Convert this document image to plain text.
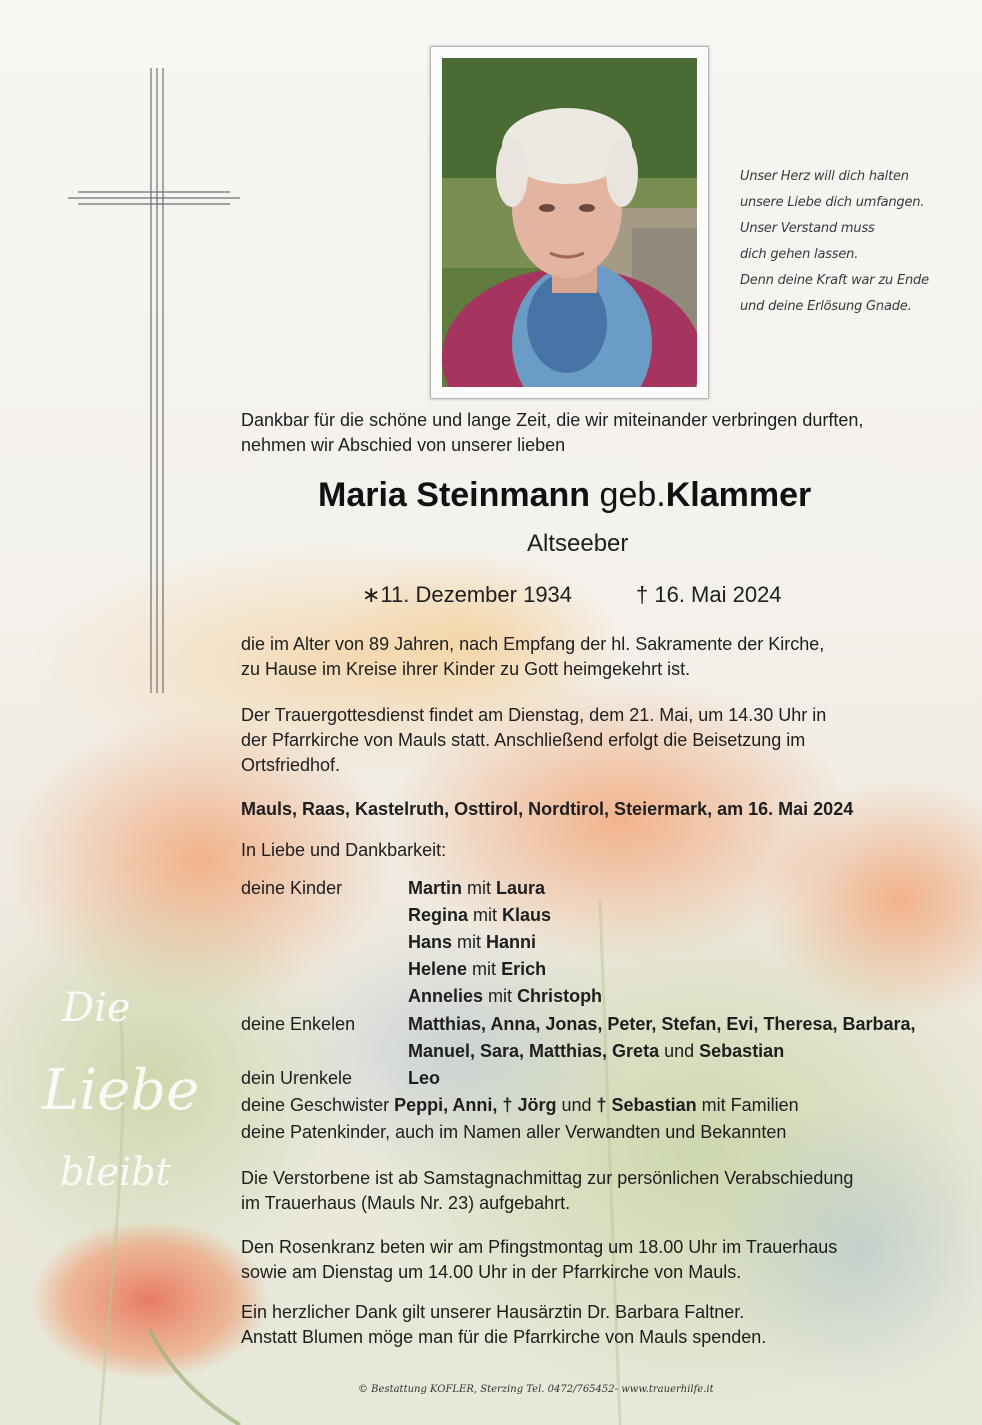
Unser Herz will dich halten
unsere Liebe dich umfangen.
Unser Verstand muss
dich gehen lassen.
Denn deine Kraft war zu Ende
und deine Erlösung Gnade.
Dankbar für die schöne und lange Zeit, die wir miteinander verbringen durften,
nehmen wir Abschied von unserer lieben
Maria Steinmann geb.Klammer
Altseeber
∗11. Dezember 1934	† 16. Mai 2024
die im Alter von 89 Jahren, nach Empfang der hl. Sakramente der Kirche,
zu Hause im Kreise ihrer Kinder zu Gott heimgekehrt ist.
Der Trauergottesdienst findet am Dienstag, dem 21. Mai, um 14.30 Uhr in
der Pfarrkirche von Mauls statt. Anschließend erfolgt die Beisetzung im
Ortsfriedhof.
Mauls, Raas, Kastelruth, Osttirol, Nordtirol, Steiermark, am 16. Mai 2024
In Liebe und Dankbarkeit:
deine Kinder	Martin mit Laura
Regina mit Klaus
Hans mit Hanni
Helene mit Erich
Annelies mit Christoph
deine Enkelen	Matthias, Anna, Jonas, Peter, Stefan, Evi, Theresa, Barbara,
Manuel, Sara, Matthias, Greta und Sebastian
dein Urenkele	Leo
deine Geschwister Peppi, Anni, † Jörg und † Sebastian mit Familien
deine Patenkinder, auch im Namen aller Verwandten und Bekannten
Die Verstorbene ist ab Samstagnachmittag zur persönlichen Verabschiedung
im Trauerhaus (Mauls Nr. 23) aufgebahrt.
Den Rosenkranz beten wir am Pfingstmontag um 18.00 Uhr im Trauerhaus
sowie am Dienstag um 14.00 Uhr in der Pfarrkirche von Mauls.
Ein herzlicher Dank gilt unserer Hausärztin Dr. Barbara Faltner.
Anstatt Blumen möge man für die Pfarrkirche von Mauls spenden.
Die
Liebe
bleibt
© Bestattung KOFLER, Sterzing Tel. 0472/765452- www.trauerhilfe.it
